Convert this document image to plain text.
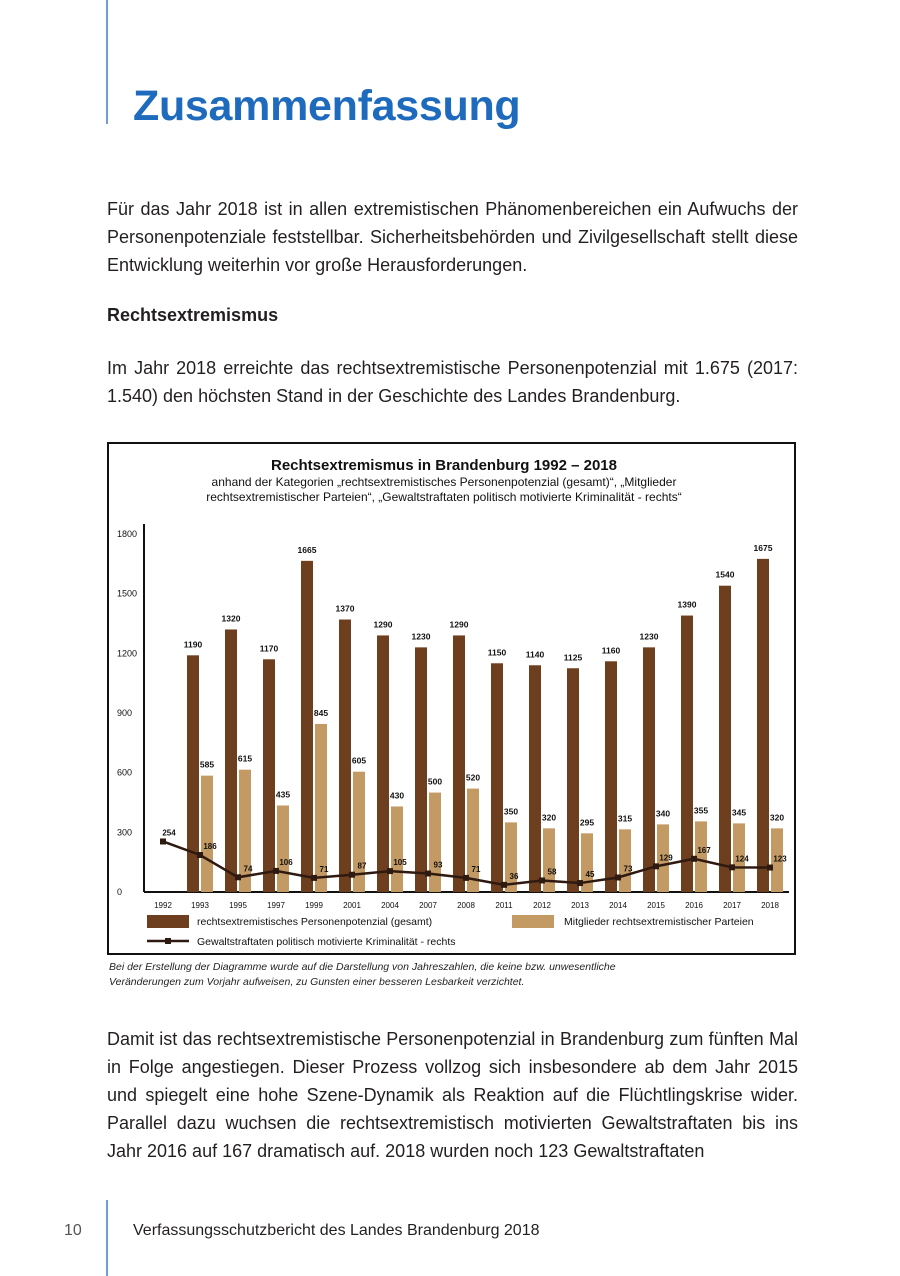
Zusammenfassung

Für das Jahr 2018 ist in allen extremistischen Phänomenbereichen ein Aufwuchs der Personenpotenziale feststellbar. Sicherheitsbehörden und Zivilgesellschaft stellt diese Entwicklung weiterhin vor große Herausforderungen.

Rechtsextremismus

Im Jahr 2018 erreichte das rechtsextremistische Personenpotenzial mit 1.675 (2017: 1.540) den höchsten Stand in der Geschichte des Landes Brandenburg.

Rechtsextremismus in Brandenburg 1992 – 2018
anhand der Kategorien „rechtsextremistisches Personenpotenzial (gesamt)“, „Mitglieder
rechtsextremistischer Parteien“, „Gewaltstraftaten politisch motivierte Kriminalität - rechts“
0
300
600
900
1200
1500
1800
1992
1190
585
1993
1320
615
1995
1170
435
1997
1665
845
1999
1370
605
2001
1290
430
2004
1230
500
2007
1290
520
2008
1150
350
2011
1140
320
2012
1125
295
2013
1160
315
2014
1230
340
2015
1390
355
2016
1540
345
2017
1675
320
2018
254
186
74
106
71	87	105	93	71
36	58	45
73
129
167
124	123
rechtsextremistisches Personenpotenzial (gesamt)	Mitglieder rechtsextremistischer Parteien
Gewaltstraftaten politisch motivierte Kriminalität - rechts

Bei der Erstellung der Diagramme wurde auf die Darstellung von Jahreszahlen, die keine bzw. unwesentliche
Veränderungen zum Vorjahr aufweisen, zu Gunsten einer besseren Lesbarkeit verzichtet.

Damit ist das rechtsextremistische Personenpotenzial in Brandenburg zum fünften Mal in Folge angestiegen. Dieser Prozess vollzog sich insbesondere ab dem Jahr 2015 und spiegelt eine hohe Szene-Dynamik als Reaktion auf die Flüchtlingskrise wider. Parallel dazu wuchsen die rechtsextremistisch motivierten Gewaltstraftaten bis ins Jahr 2016 auf 167 dramatisch auf. 2018 wurden noch 123 Gewaltstraftaten

10	Verfassungsschutzbericht des Landes Brandenburg 2018
